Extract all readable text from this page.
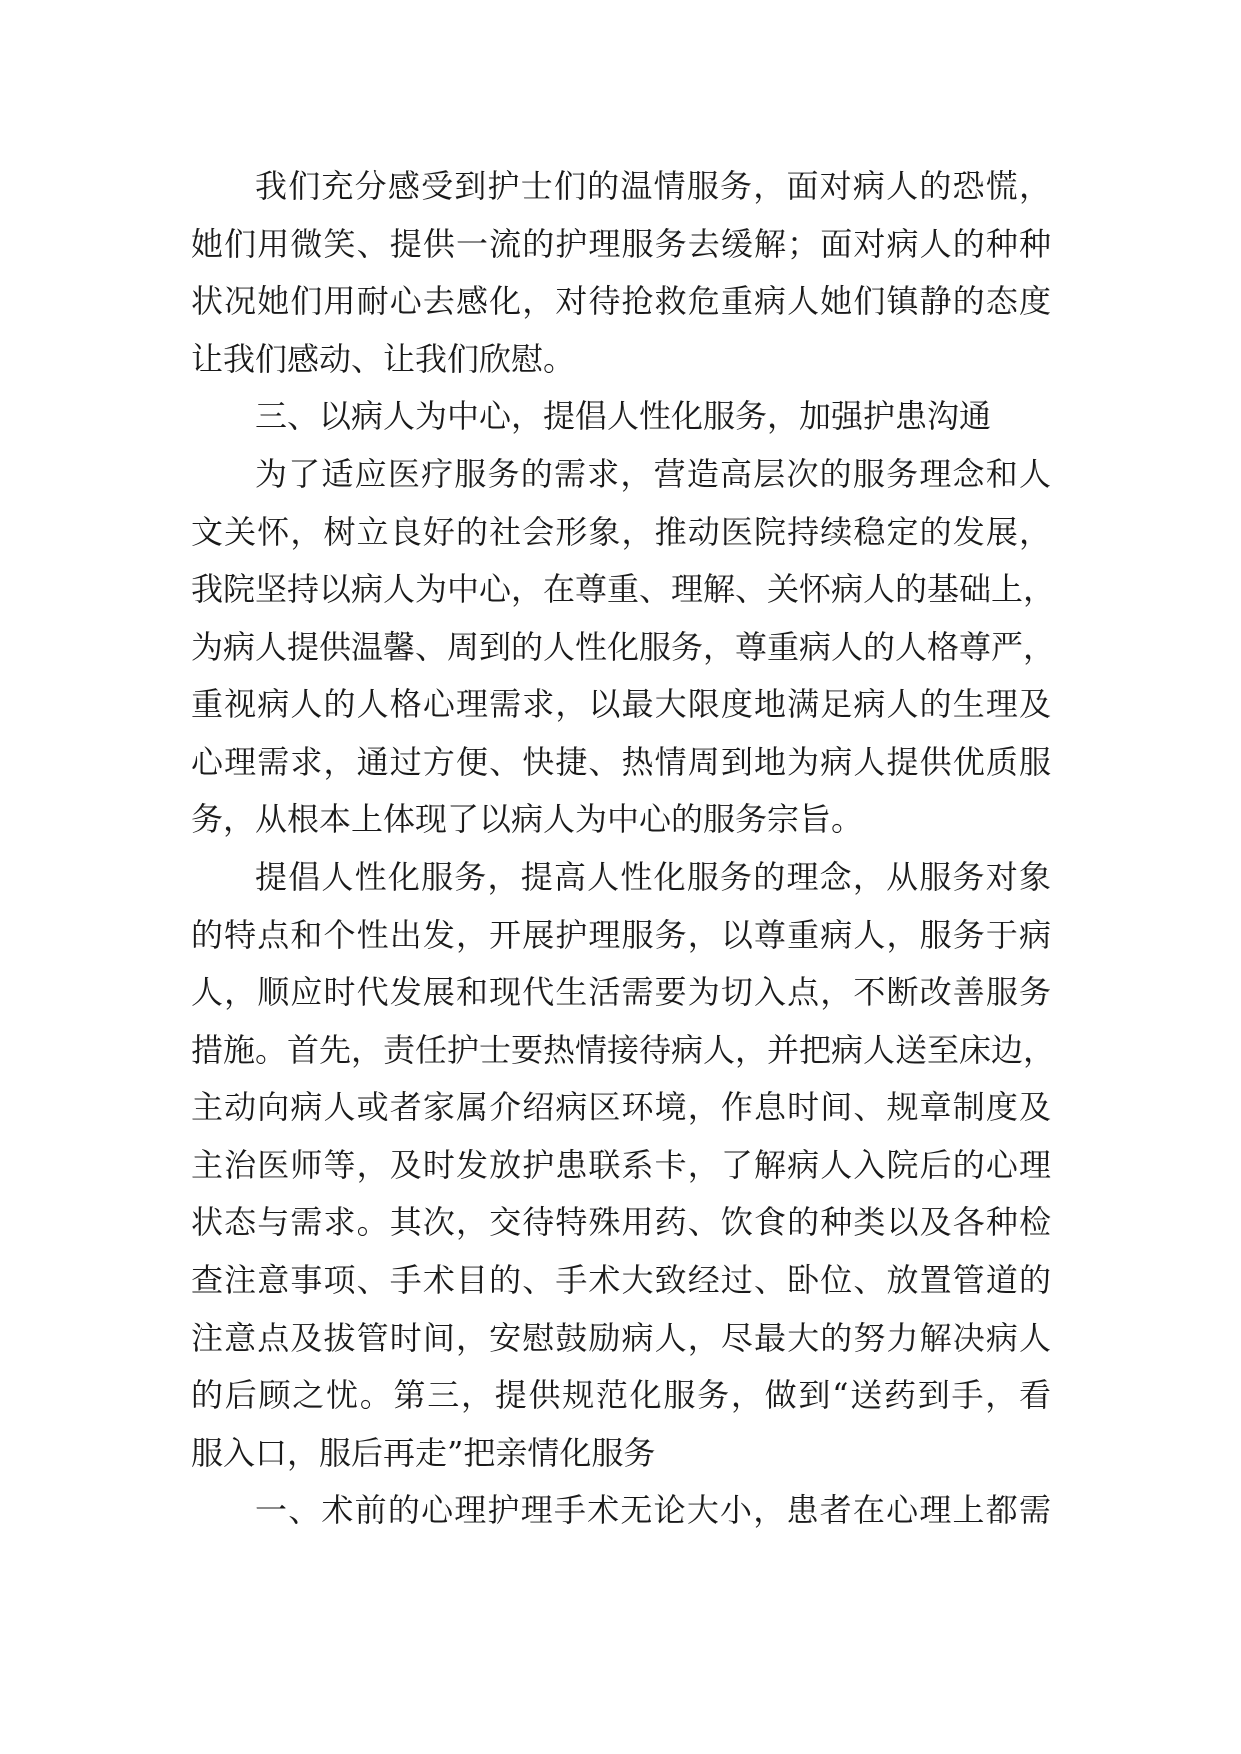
我们充分感受到护士们的温情服务，面对病人的恐慌，
她们用微笑、提供一流的护理服务去缓解；面对病人的种种
状况她们用耐心去感化，对待抢救危重病人她们镇静的态度
让我们感动、让我们欣慰。
三、以病人为中心，提倡人性化服务，加强护患沟通
为了适应医疗服务的需求，营造高层次的服务理念和人
文关怀，树立良好的社会形象，推动医院持续稳定的发展，
我院坚持以病人为中心，在尊重、理解、关怀病人的基础上，
为病人提供温馨、周到的人性化服务，尊重病人的人格尊严，
重视病人的人格心理需求，以最大限度地满足病人的生理及
心理需求，通过方便、快捷、热情周到地为病人提供优质服
务，从根本上体现了以病人为中心的服务宗旨。
提倡人性化服务，提高人性化服务的理念，从服务对象
的特点和个性出发，开展护理服务，以尊重病人，服务于病
人，顺应时代发展和现代生活需要为切入点，不断改善服务
措施。首先，责任护士要热情接待病人，并把病人送至床边，
主动向病人或者家属介绍病区环境，作息时间、规章制度及
主治医师等，及时发放护患联系卡，了解病人入院后的心理
状态与需求。其次，交待特殊用药、饮食的种类以及各种检
查注意事项、手术目的、手术大致经过、卧位、放置管道的
注意点及拔管时间，安慰鼓励病人，尽最大的努力解决病人
的后顾之忧。第三，提供规范化服务，做到“送药到手，看
服入口，服后再走”把亲情化服务
一、术前的心理护理手术无论大小，患者在心理上都需
